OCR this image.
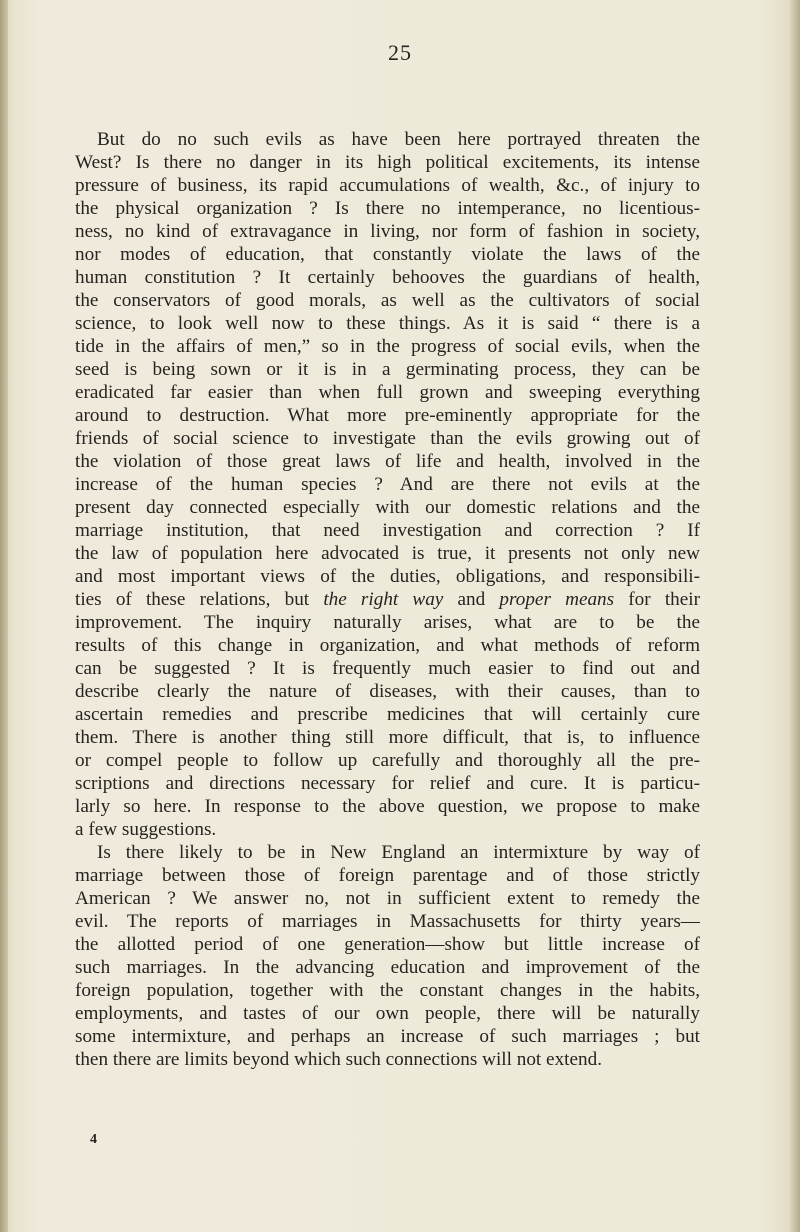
25
But do no such evils as have been here portrayed threaten the
West? Is there no danger in its high political excitements, its intense
pressure of business, its rapid accumulations of wealth, &c., of injury to
the physical organization ? Is there no intemperance, no licentious-
ness, no kind of extravagance in living, nor form of fashion in society,
nor modes of education, that constantly violate the laws of the
human constitution ? It certainly behooves the guardians of health,
the conservators of good morals, as well as the cultivators of social
science, to look well now to these things. As it is said “ there is a
tide in the affairs of men,” so in the progress of social evils, when the
seed is being sown or it is in a germinating process, they can be
eradicated far easier than when full grown and sweeping everything
around to destruction. What more pre-eminently appropriate for the
friends of social science to investigate than the evils growing out of
the violation of those great laws of life and health, involved in the
increase of the human species ? And are there not evils at the
present day connected especially with our domestic relations and the
marriage institution, that need investigation and correction ? If
the law of population here advocated is true, it presents not only new
and most important views of the duties, obligations, and responsibili-
ties of these relations, but the right way and proper means for their
improvement. The inquiry naturally arises, what are to be the
results of this change in organization, and what methods of reform
can be suggested ? It is frequently much easier to find out and
describe clearly the nature of diseases, with their causes, than to
ascertain remedies and prescribe medicines that will certainly cure
them. There is another thing still more difficult, that is, to influence
or compel people to follow up carefully and thoroughly all the pre-
scriptions and directions necessary for relief and cure. It is particu-
larly so here. In response to the above question, we propose to make
a few suggestions.
Is there likely to be in New England an intermixture by way of
marriage between those of foreign parentage and of those strictly
American ? We answer no, not in sufficient extent to remedy the
evil. The reports of marriages in Massachusetts for thirty years—
the allotted period of one generation—show but little increase of
such marriages. In the advancing education and improvement of the
foreign population, together with the constant changes in the habits,
employments, and tastes of our own people, there will be naturally
some intermixture, and perhaps an increase of such marriages ; but
then there are limits beyond which such connections will not extend.
4
